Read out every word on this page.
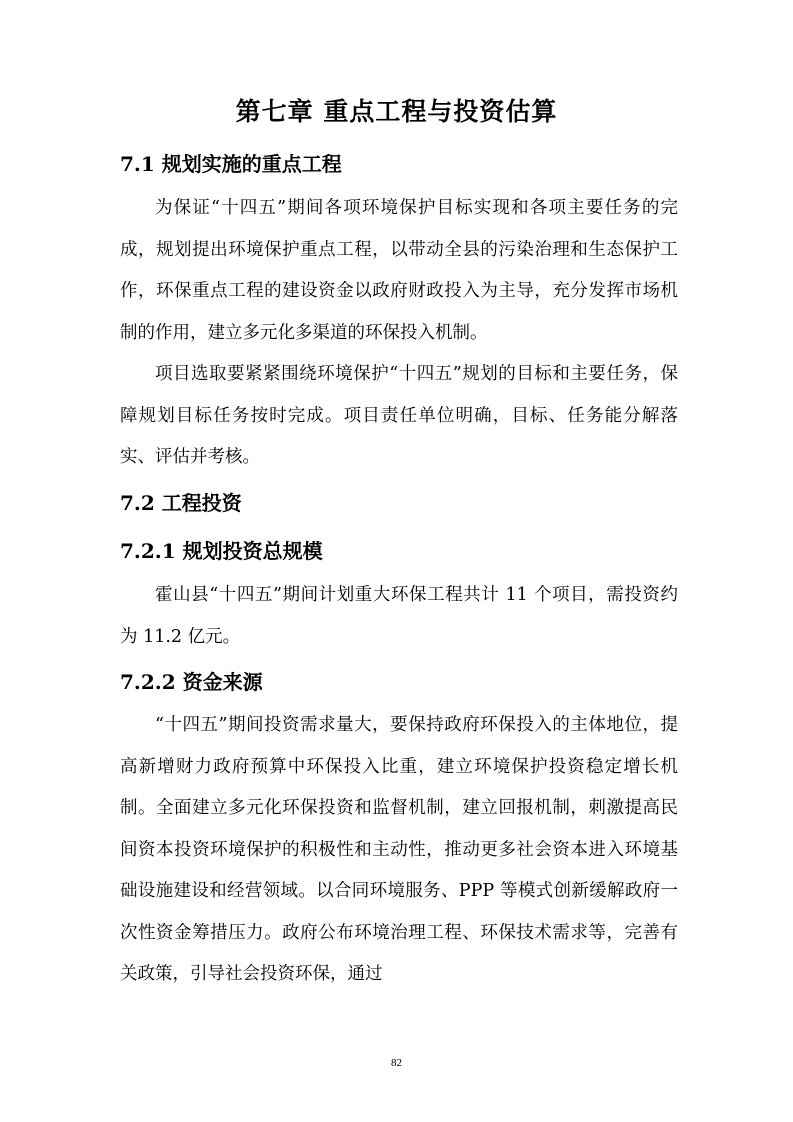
第七章 重点工程与投资估算
7.1 规划实施的重点工程
为保证“十四五”期间各项环境保护目标实现和各项主要任务的完成，规划提出环境保护重点工程，以带动全县的污染治理和生态保护工作，环保重点工程的建设资金以政府财政投入为主导，充分发挥市场机制的作用，建立多元化多渠道的环保投入机制。
项目选取要紧紧围绕环境保护“十四五”规划的目标和主要任务，保障规划目标任务按时完成。项目责任单位明确，目标、任务能分解落实、评估并考核。
7.2 工程投资
7.2.1 规划投资总规模
霍山县“十四五”期间计划重大环保工程共计 11 个项目，需投资约为 11.2 亿元。
7.2.2 资金来源
“十四五”期间投资需求量大，要保持政府环保投入的主体地位，提高新增财力政府预算中环保投入比重，建立环境保护投资稳定增长机制。全面建立多元化环保投资和监督机制，建立回报机制，刺激提高民间资本投资环境保护的积极性和主动性，推动更多社会资本进入环境基础设施建设和经营领域。以合同环境服务、PPP 等模式创新缓解政府一次性资金筹措压力。政府公布环境治理工程、环保技术需求等，完善有关政策，引导社会投资环保，通过
82
